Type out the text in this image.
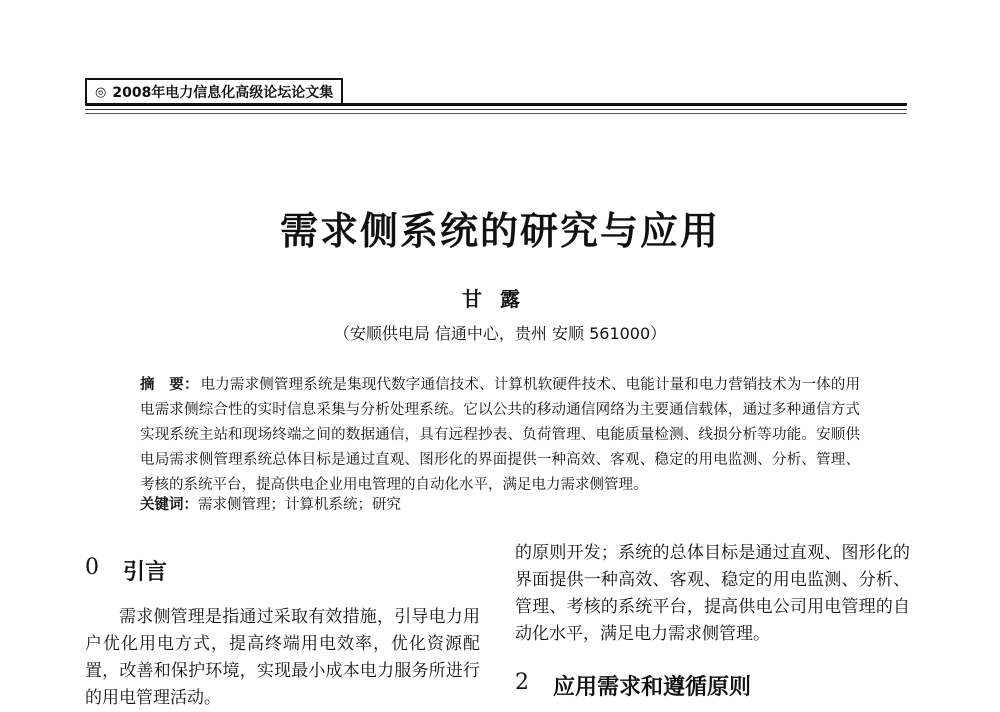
◎ 2008年电力信息化高级论坛论文集
需求侧系统的研究与应用
甘露
（安顺供电局 信通中心，贵州 安顺 561000）
摘　要： 电力需求侧管理系统是集现代数字通信技术、计算机软硬件技术、电能计量和电力营销技术为一体的用电需求侧综合性的实时信息采集与分析处理系统。它以公共的移动通信网络为主要通信载体，通过多种通信方式实现系统主站和现场终端之间的数据通信，具有远程抄表、负荷管理、电能质量检测、线损分析等功能。安顺供电局需求侧管理系统总体目标是通过直观、图形化的界面提供一种高效、客观、稳定的用电监测、分析、管理、考核的系统平台，提高供电企业用电管理的自动化水平，满足电力需求侧管理。
关键词：需求侧管理；计算机系统；研究
0 引言
需求侧管理是指通过采取有效措施，引导电力用户优化用电方式，提高终端用电效率，优化资源配置，改善和保护环境，实现最小成本电力服务所进行的用电管理活动。
的原则开发；系统的总体目标是通过直观、图形化的界面提供一种高效、客观、稳定的用电监测、分析、管理、考核的系统平台，提高供电公司用电管理的自动化水平，满足电力需求侧管理。
2 应用需求和遵循原则
